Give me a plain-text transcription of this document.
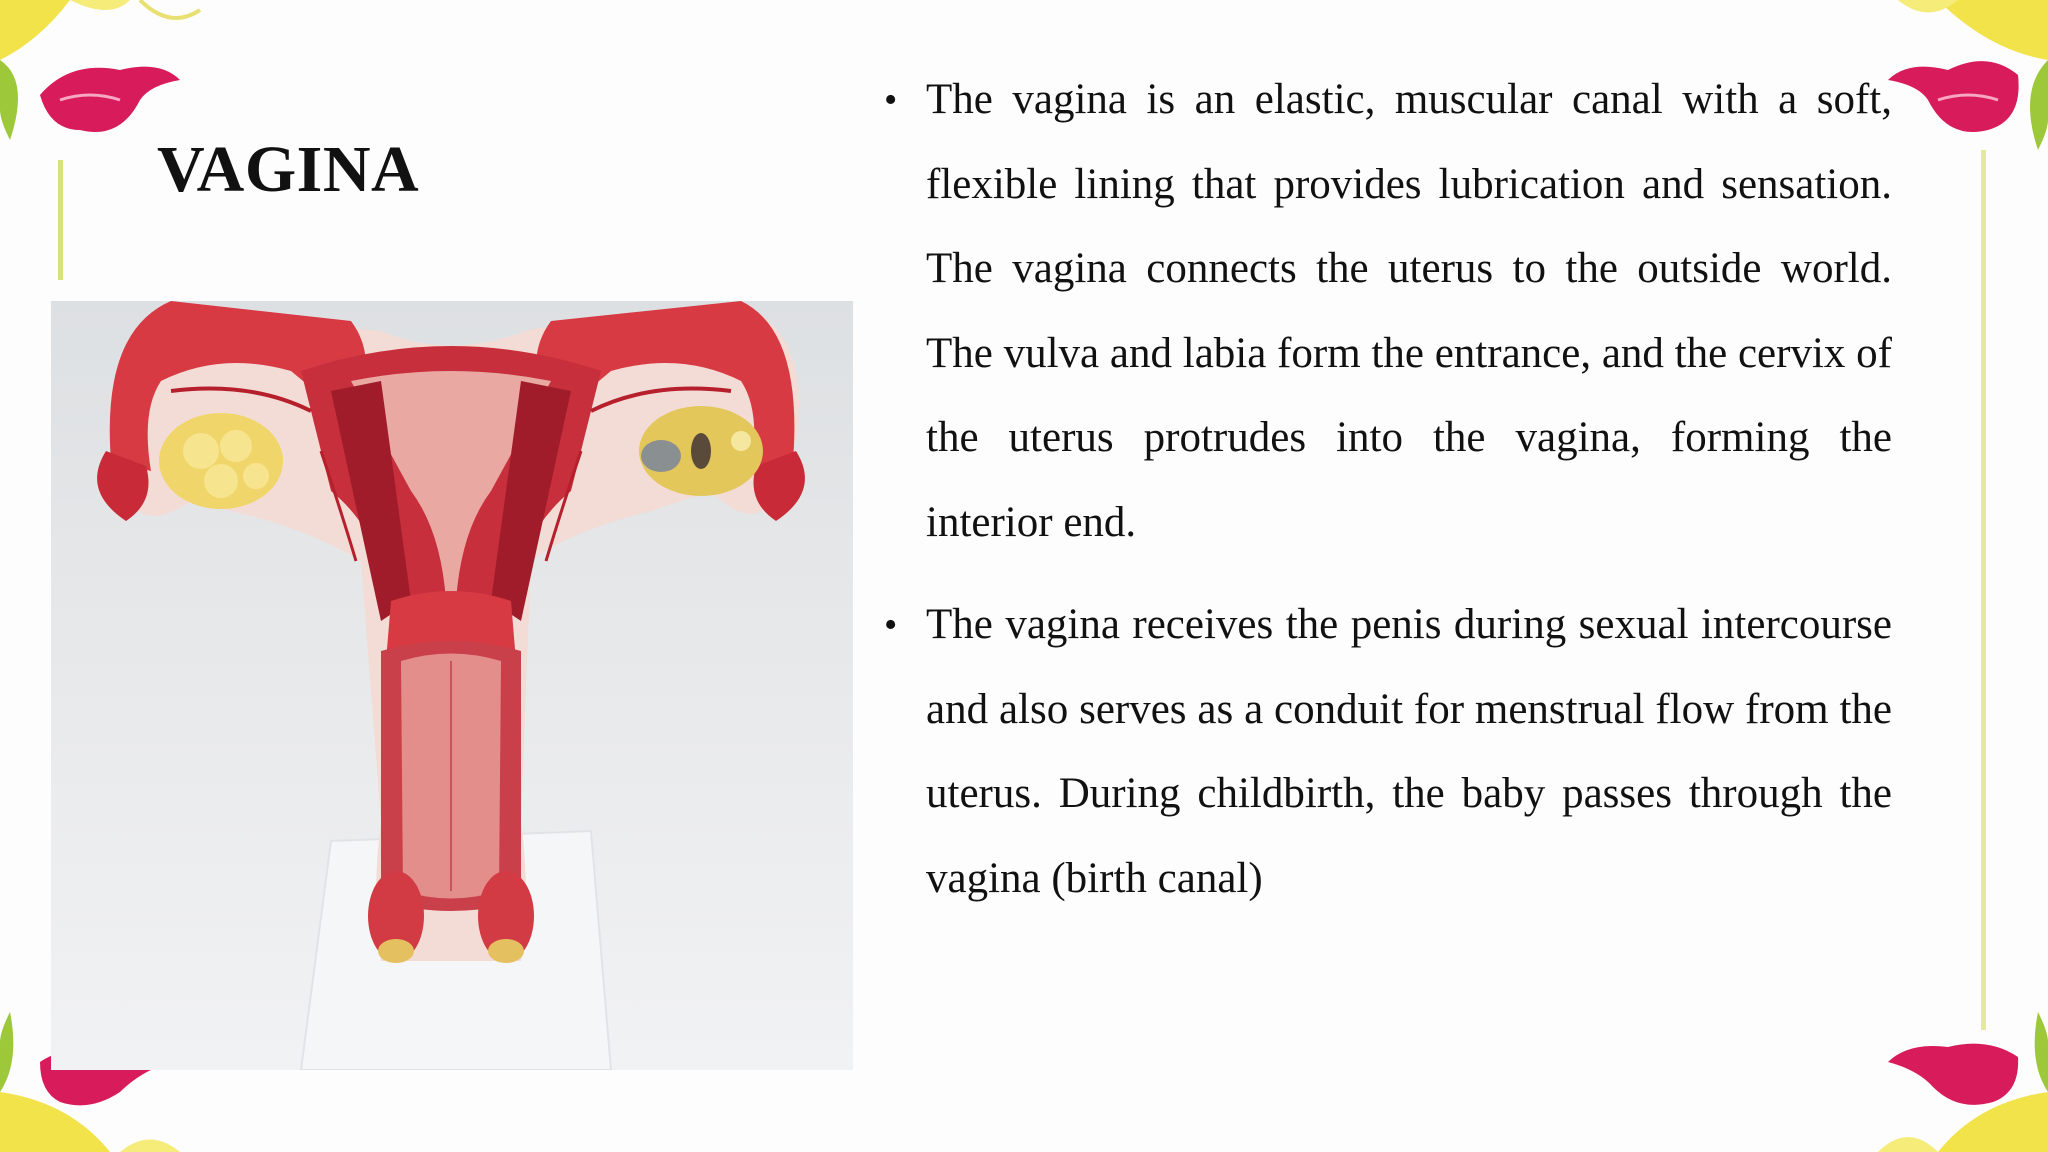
VAGINA
• The vagina is an elastic, muscular canal with a soft, flexible lining that provides lubrication and sensation. The vagina connects the uterus to the outside world. The vulva and labia form the entrance, and the cervix of the uterus protrudes into the vagina, forming the interior end.
• The vagina receives the penis during sexual intercourse and also serves as a conduit for menstrual flow from the uterus. During childbirth, the baby passes through the vagina (birth canal)
